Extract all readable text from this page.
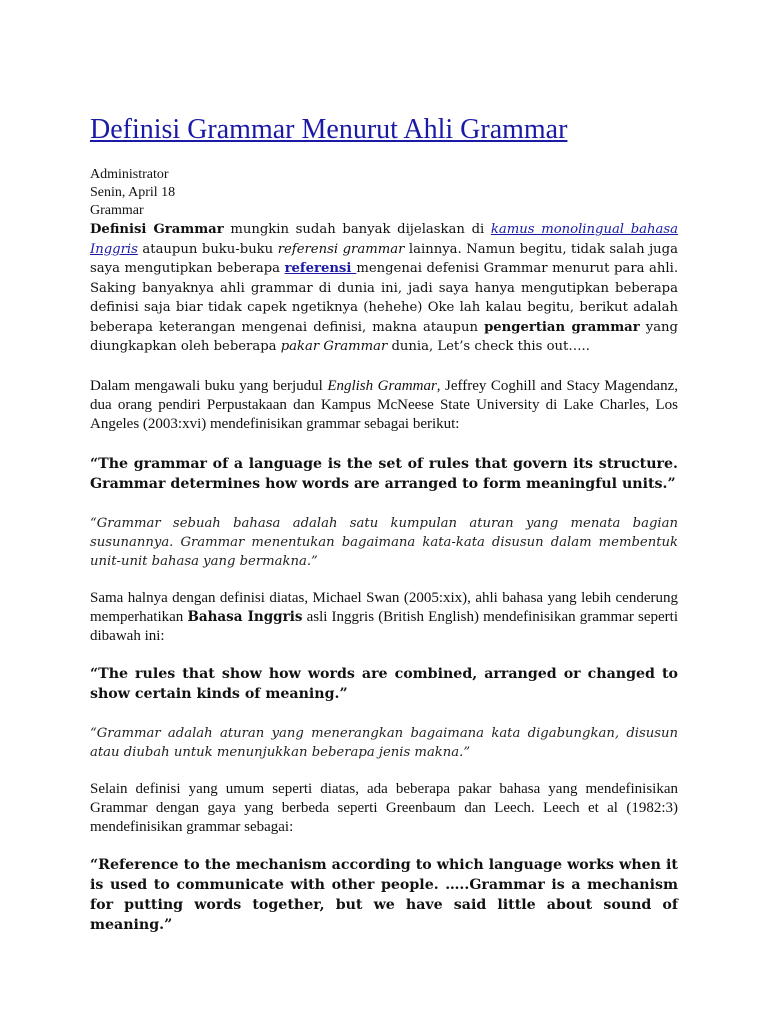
Definisi Grammar Menurut Ahli Grammar
Administrator
Senin, April 18
Grammar

Definisi Grammar mungkin sudah banyak dijelaskan di kamus monolingual bahasa Inggris ataupun buku-buku referensi grammar lainnya. Namun begitu, tidak salah juga saya mengutipkan beberapa referensi mengenai defenisi Grammar menurut para ahli. Saking banyaknya ahli grammar di dunia ini, jadi saya hanya mengutipkan beberapa definisi saja biar tidak capek ngetiknya (hehehe) Oke lah kalau begitu, berikut adalah beberapa keterangan mengenai definisi, makna ataupun pengertian grammar yang diungkapkan oleh beberapa pakar Grammar dunia, Let’s check this out…..

Dalam mengawali buku yang berjudul English Grammar, Jeffrey Coghill and Stacy Magendanz, dua orang pendiri Perpustakaan dan Kampus McNeese State University di Lake Charles, Los Angeles (2003:xvi) mendefinisikan grammar sebagai berikut:

“The grammar of a language is the set of rules that govern its structure. Grammar determines how words are arranged to form meaningful units.”

“Grammar sebuah bahasa adalah satu kumpulan aturan yang menata bagian susunannya. Grammar menentukan bagaimana kata-kata disusun dalam membentuk unit-unit bahasa yang bermakna.”

Sama halnya dengan definisi diatas, Michael Swan (2005:xix), ahli bahasa yang lebih cenderung memperhatikan Bahasa Inggris asli Inggris (British English) mendefinisikan grammar seperti dibawah ini:

“The rules that show how words are combined, arranged or changed to show certain kinds of meaning.”

“Grammar adalah aturan yang menerangkan bagaimana kata digabungkan, disusun atau diubah untuk menunjukkan beberapa jenis makna.”

Selain definisi yang umum seperti diatas, ada beberapa pakar bahasa yang mendefinisikan Grammar dengan gaya yang berbeda seperti Greenbaum dan Leech. Leech et al (1982:3) mendefinisikan grammar sebagai:

“Reference to the mechanism according to which language works when it is used to communicate with other people. …..Grammar is a mechanism for putting words together, but we have said little about sound of meaning.”
